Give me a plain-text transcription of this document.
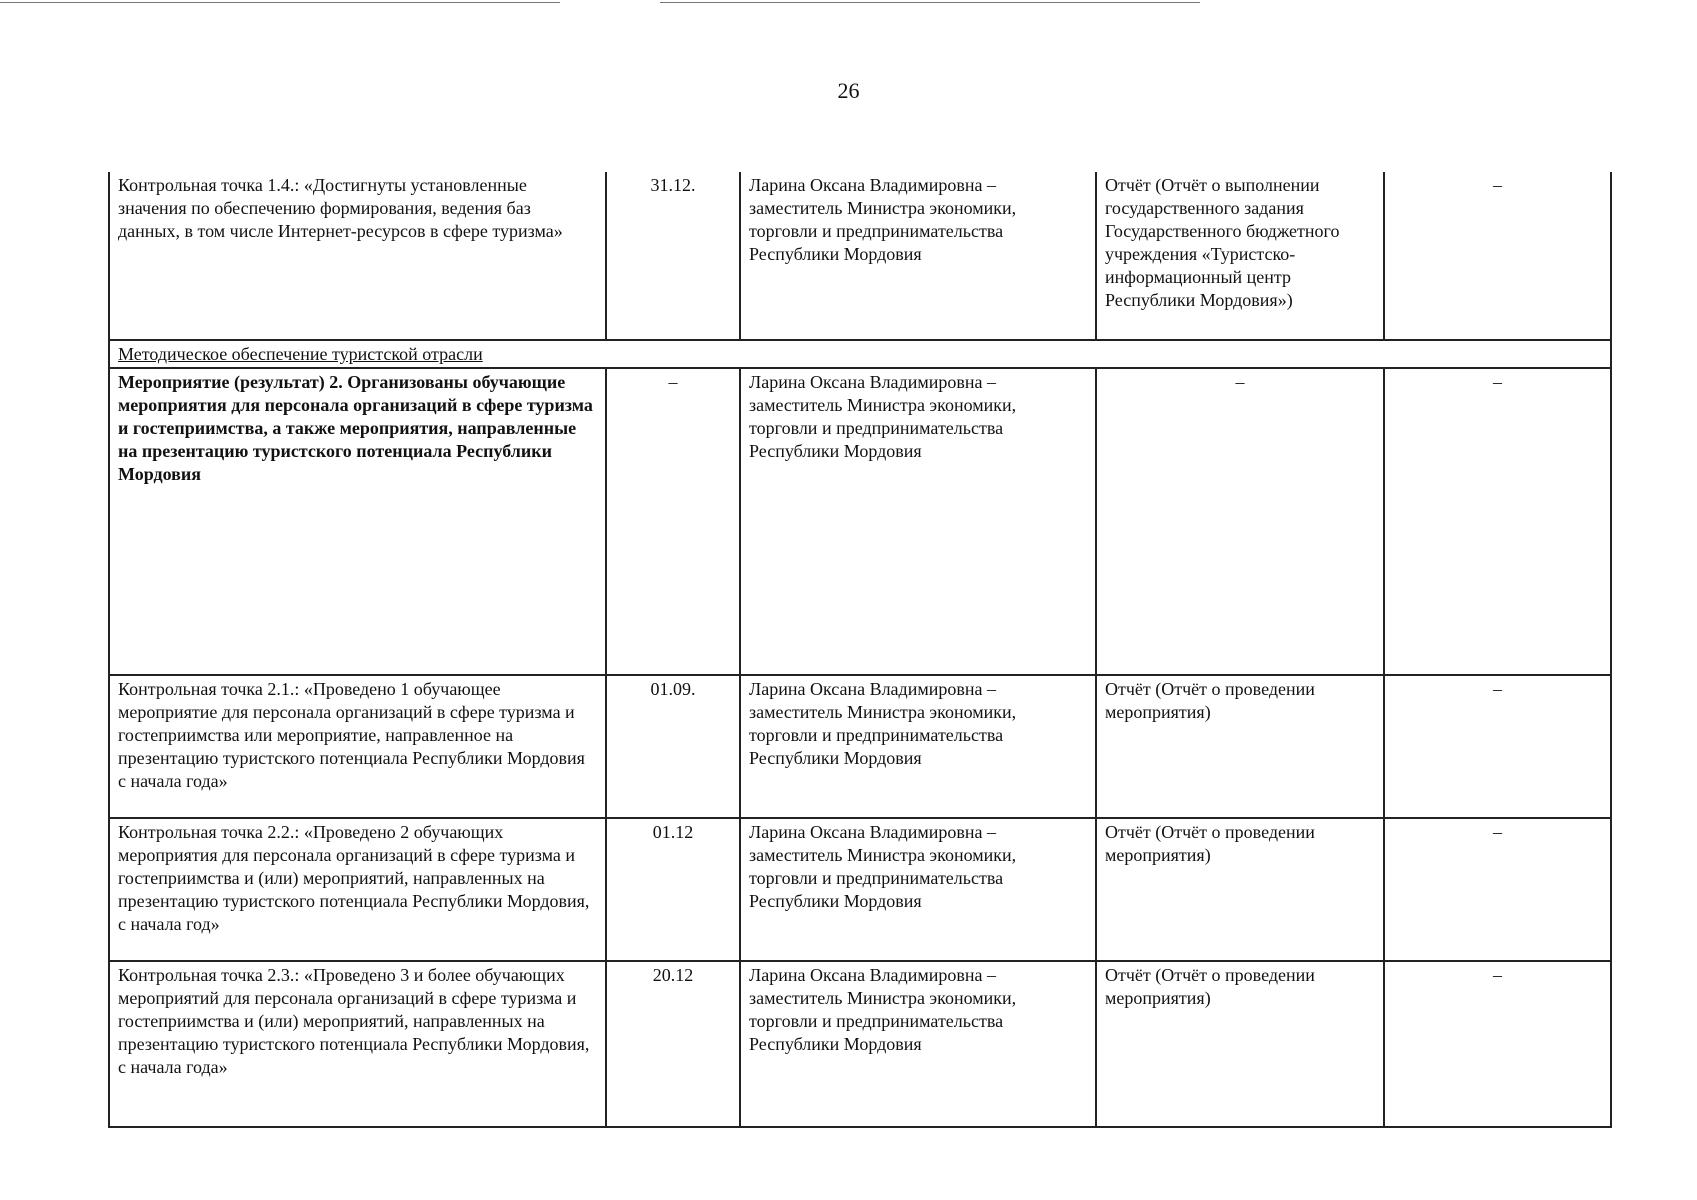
26
Контрольная точка 1.4.: «Достигнуты установленные значения по обеспечению формирования, ведения баз данных, в том числе Интернет-ресурсов в сфере туризма»	31.12.	Ларина Оксана Владимировна – заместитель Министра экономики, торговли и предпринимательства Республики Мордовия	Отчёт (Отчёт о выполнении государственного задания Государственного бюджетного учреждения «Туристско-информационный центр Республики Мордовия»)	–
Методическое обеспечение туристской отрасли				
Мероприятие (результат) 2. Организованы обучающие мероприятия для персонала организаций в сфере туризма и гостеприимства, а также мероприятия, направленные на презентацию туристского потенциала Республики Мордовия	–	Ларина Оксана Владимировна – заместитель Министра экономики, торговли и предпринимательства Республики Мордовия	–	–
Контрольная точка 2.1.: «Проведено 1 обучающее мероприятие для персонала организаций в сфере туризма и гостеприимства или мероприятие, направленное на презентацию туристского потенциала Республики Мордовия с начала года»	01.09.	Ларина Оксана Владимировна – заместитель Министра экономики, торговли и предпринимательства Республики Мордовия	Отчёт (Отчёт о проведении мероприятия)	–
Контрольная точка 2.2.: «Проведено 2 обучающих мероприятия для персонала организаций в сфере туризма и гостеприимства и (или) мероприятий, направленных на презентацию туристского потенциала Республики Мордовия, с начала год»	01.12	Ларина Оксана Владимировна – заместитель Министра экономики, торговли и предпринимательства Республики Мордовия	Отчёт (Отчёт о проведении мероприятия)	–
Контрольная точка 2.3.: «Проведено 3 и более обучающих мероприятий для персонала организаций в сфере туризма и гостеприимства и (или) мероприятий, направленных на презентацию туристского потенциала Республики Мордовия, с начала года»	20.12	Ларина Оксана Владимировна – заместитель Министра экономики, торговли и предпринимательства Республики Мордовия	Отчёт (Отчёт о проведении мероприятия)	–
